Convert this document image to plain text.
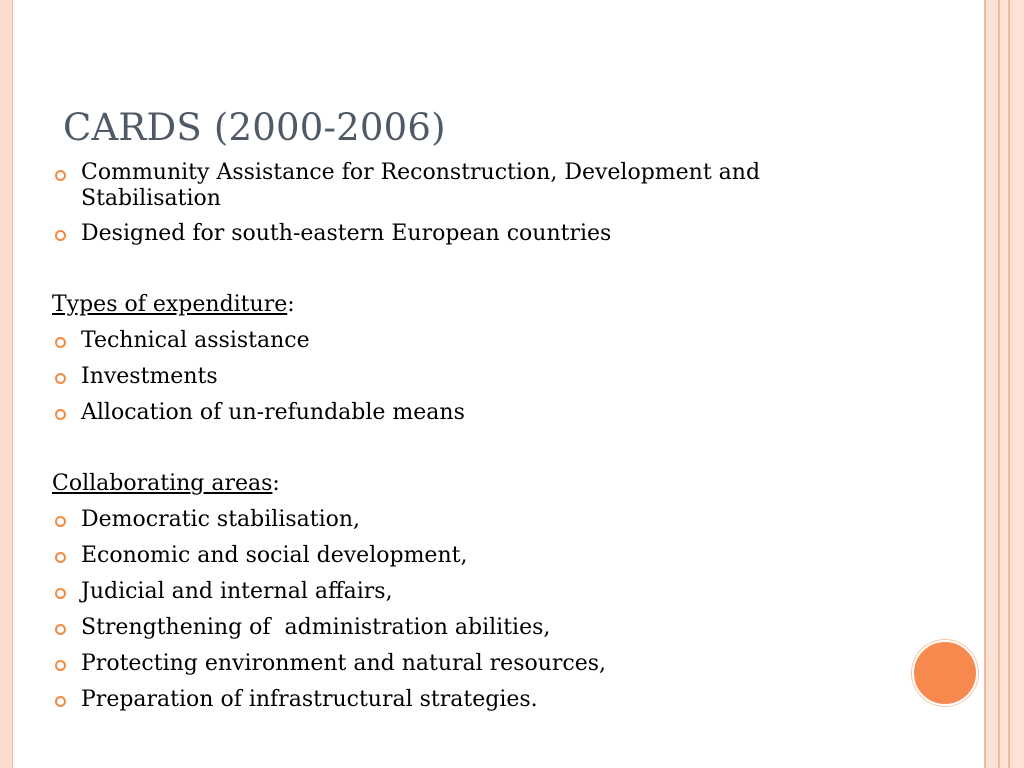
CARDS (2000-2006)
Community Assistance for Reconstruction, Development and Stabilisation
Designed for south-eastern European countries

Types of expenditure:

Technical assistance
Investments
Allocation of un-refundable means

Collaborating areas:

Democratic stabilisation,
Economic and social development,
Judicial and internal affairs,
Strengthening of  administration abilities,
Protecting environment and natural resources,
Preparation of infrastructural strategies.
